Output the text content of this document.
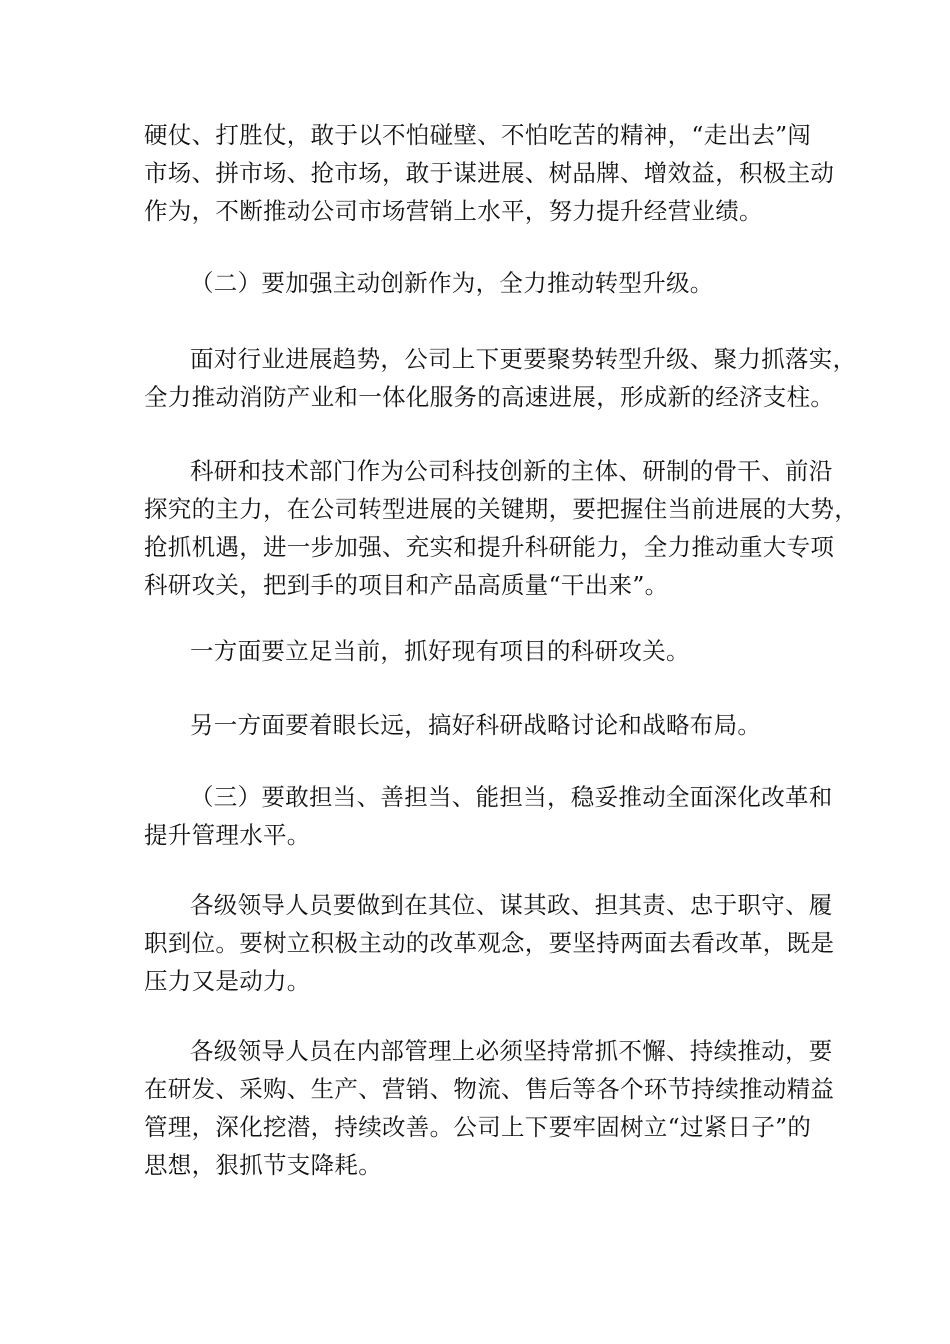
硬仗、打胜仗，敢于以不怕碰壁、不怕吃苦的精神，“走出去”闯
市场、拼市场、抢市场，敢于谋进展、树品牌、增效益，积极主动
作为，不断推动公司市场营销上水平，努力提升经营业绩。
（二）要加强主动创新作为，全力推动转型升级。
面对行业进展趋势，公司上下更要聚势转型升级、聚力抓落实，
全力推动消防产业和一体化服务的高速进展，形成新的经济支柱。
科研和技术部门作为公司科技创新的主体、研制的骨干、前沿
探究的主力，在公司转型进展的关键期，要把握住当前进展的大势，
抢抓机遇，进一步加强、充实和提升科研能力，全力推动重大专项
科研攻关，把到手的项目和产品高质量“干出来”。
一方面要立足当前，抓好现有项目的科研攻关。
另一方面要着眼长远，搞好科研战略讨论和战略布局。
（三）要敢担当、善担当、能担当，稳妥推动全面深化改革和
提升管理水平。
各级领导人员要做到在其位、谋其政、担其责、忠于职守、履
职到位。要树立积极主动的改革观念，要坚持两面去看改革，既是
压力又是动力。
各级领导人员在内部管理上必须坚持常抓不懈、持续推动，要
在研发、采购、生产、营销、物流、售后等各个环节持续推动精益
管理，深化挖潜，持续改善。公司上下要牢固树立“过紧日子”的
思想，狠抓节支降耗。
